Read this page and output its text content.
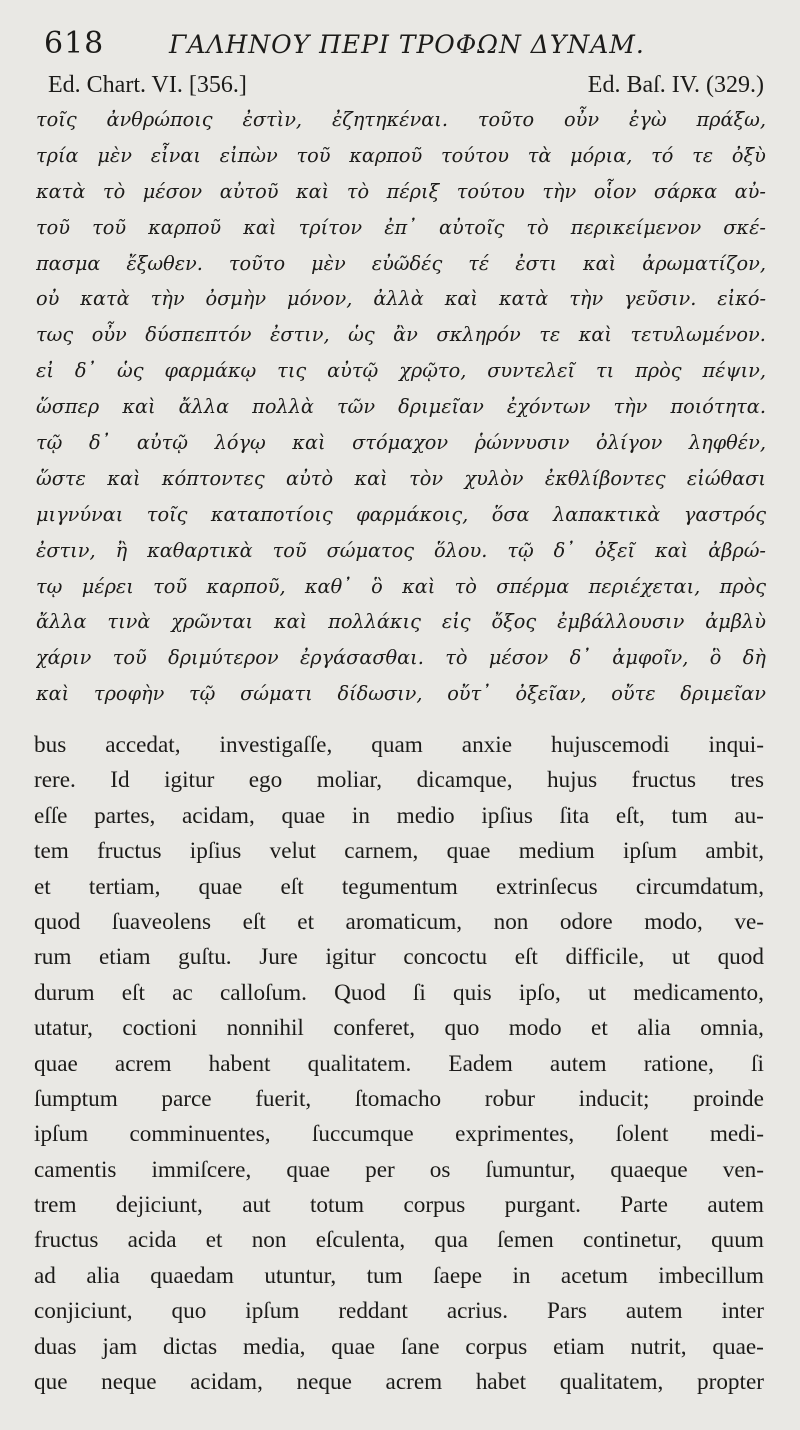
618	ΓΑΛΗΝΟΥ ΠΕΡΙ ΤΡΟΦΩΝ ΔΥΝΑΜ.
Ed. Chart. VI. [356.]	Ed. Baſ. IV. (329.)
τοῖς ἀνθρώποις ἐστὶν, ἐζητηκέναι. τοῦτο οὖν ἐγὼ πράξω,
τρία μὲν εἶναι εἰπὼν τοῦ καρποῦ τούτου τὰ μόρια, τό τε ὀξὺ
κατὰ τὸ μέσον αὐτοῦ καὶ τὸ πέριξ τούτου τὴν οἷον σάρκα αὐ-
τοῦ τοῦ καρποῦ καὶ τρίτον ἐπ᾽ αὐτοῖς τὸ περικείμενον σκέ-
πασμα ἔξωθεν. τοῦτο μὲν εὐῶδές τέ ἐστι καὶ ἀρωματίζον,
οὐ κατὰ τὴν ὀσμὴν μόνον, ἀλλὰ καὶ κατὰ τὴν γεῦσιν. εἰκό-
τως οὖν δύσπεπτόν ἐστιν, ὡς ἂν σκληρόν τε καὶ τετυλωμένον.
εἰ δ᾽ ὡς φαρμάκῳ τις αὐτῷ χρῷτο, συντελεῖ τι πρὸς πέψιν,
ὥσπερ καὶ ἄλλα πολλὰ τῶν δριμεῖαν ἐχόντων τὴν ποιότητα.
τῷ δ᾽ αὐτῷ λόγῳ καὶ στόμαχον ῥώννυσιν ὀλίγον ληφθέν,
ὥστε καὶ κόπτοντες αὐτὸ καὶ τὸν χυλὸν ἐκθλίβοντες εἰώθασι
μιγνύναι τοῖς καταποτίοις φαρμάκοις, ὅσα λαπακτικὰ γαστρός
ἐστιν, ἢ καθαρτικὰ τοῦ σώματος ὅλου. τῷ δ᾽ ὀξεῖ καὶ ἀβρώ-
τῳ μέρει τοῦ καρποῦ, καθ᾽ ὃ καὶ τὸ σπέρμα περιέχεται, πρὸς
ἄλλα τινὰ χρῶνται καὶ πολλάκις εἰς ὄξος ἐμβάλλουσιν ἀμβλὺ
χάριν τοῦ δριμύτερον ἐργάσασθαι. τὸ μέσον δ᾽ ἀμφοῖν, ὃ δὴ
καὶ τροφὴν τῷ σώματι δίδωσιν, οὔτ᾽ ὀξεῖαν, οὔτε δριμεῖαν
bus accedat, investigaſſe, quam anxie hujuscemodi inqui-
rere. Id igitur ego moliar, dicamque, hujus fructus tres
eſſe partes, acidam, quae in medio ipſius ſita eſt, tum au-
tem fructus ipſius velut carnem, quae medium ipſum ambit,
et tertiam, quae eſt tegumentum extrinſecus circumdatum,
quod ſuaveolens eſt et aromaticum, non odore modo, ve-
rum etiam guſtu. Jure igitur concoctu eſt difficile, ut quod
durum eſt ac calloſum. Quod ſi quis ipſo, ut medicamento,
utatur, coctioni nonnihil conferet, quo modo et alia omnia,
quae acrem habent qualitatem. Eadem autem ratione, ſi
ſumptum parce fuerit, ſtomacho robur inducit; proinde
ipſum comminuentes, ſuccumque exprimentes, ſolent medi-
camentis immiſcere, quae per os ſumuntur, quaeque ven-
trem dejiciunt, aut totum corpus purgant. Parte autem
fructus acida et non eſculenta, qua ſemen continetur, quum
ad alia quaedam utuntur, tum ſaepe in acetum imbecillum
conjiciunt, quo ipſum reddant acrius. Pars autem inter
duas jam dictas media, quae ſane corpus etiam nutrit, quae-
que neque acidam, neque acrem habet qualitatem, propter
